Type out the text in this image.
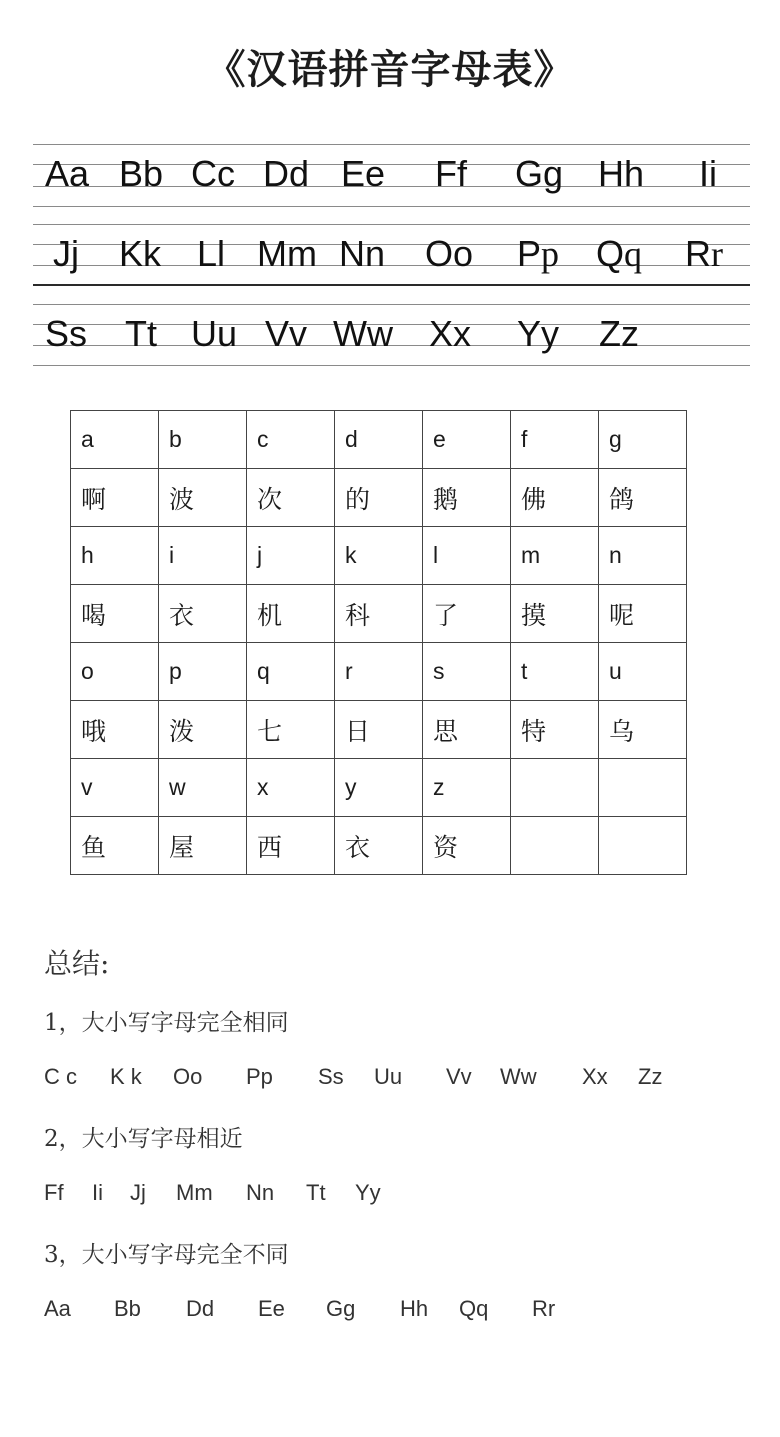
《汉语拼音字母表》
Aa Bb Cc Dd Ee Ff Gg Hh Ii
Jj Kk Ll Mm Nn Oo Pp Qq Rr
Ss Tt Uu Vv Ww Xx Yy Zz
a	b	c	d	e	f	g
啊	波	次	的	鹅	佛	鸽
h	i	j	k	l	m	n
喝	衣	机	科	了	摸	呢
o	p	q	r	s	t	u
哦	泼	七	日	思	特	乌
v	w	x	y	z		
鱼	屋	西	衣	资		
总结:
1，大小写字母完全相同
C c K k Oo Pp Ss Uu Vv Ww Xx Zz
2，大小写字母相近
Ff Ii Jj Mm Nn Tt Yy
3，大小写字母完全不同
Aa Bb Dd Ee Gg Hh Qq Rr
